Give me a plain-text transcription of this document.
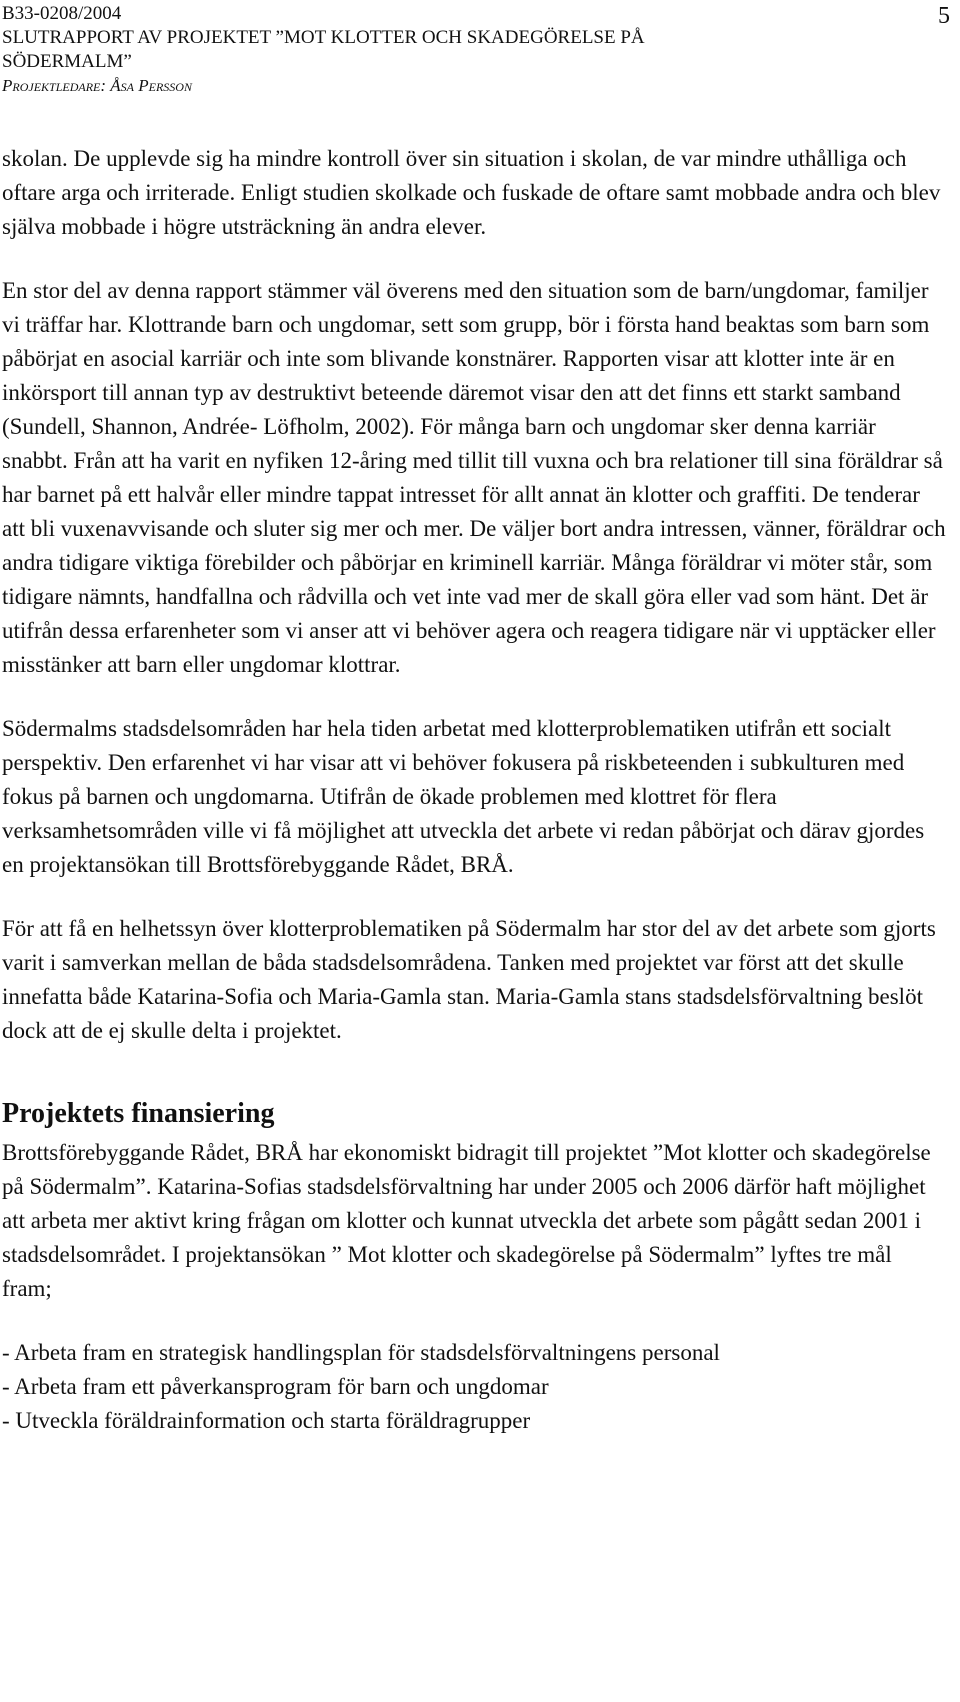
B33-0208/2004
SLUTRAPPORT AV PROJEKTET ”MOT KLOTTER OCH SKADEGÖRELSE PÅ
SÖDERMALM”
Projektledare: Åsa Persson
5

skolan. De upplevde sig ha mindre kontroll över sin situation i skolan, de var mindre uthålliga och oftare arga och irriterade. Enligt studien skolkade och fuskade de oftare samt mobbade andra och blev själva mobbade i högre utsträckning än andra elever.

En stor del av denna rapport stämmer väl överens med den situation som de barn/ungdomar, familjer vi träffar har. Klottrande barn och ungdomar, sett som grupp, bör i första hand beaktas som barn som påbörjat en asocial karriär och inte som blivande konstnärer. Rapporten visar att klotter inte är en inkörsport till annan typ av destruktivt beteende däremot visar den att det finns ett starkt samband (Sundell, Shannon, Andrée- Löfholm, 2002). För många barn och ungdomar sker denna karriär snabbt. Från att ha varit en nyfiken 12-åring med tillit till vuxna och bra relationer till sina föräldrar så har barnet på ett halvår eller mindre tappat intresset för allt annat än klotter och graffiti. De tenderar att bli vuxenavvisande och sluter sig mer och mer. De väljer bort andra intressen, vänner, föräldrar och andra tidigare viktiga förebilder och påbörjar en kriminell karriär. Många föräldrar vi möter står, som tidigare nämnts, handfallna och rådvilla och vet inte vad mer de skall göra eller vad som hänt. Det är utifrån dessa erfarenheter som vi anser att vi behöver agera och reagera tidigare när vi upptäcker eller misstänker att barn eller ungdomar klottrar.

Södermalms stadsdelsområden har hela tiden arbetat med klotterproblematiken utifrån ett socialt perspektiv. Den erfarenhet vi har visar att vi behöver fokusera på riskbeteenden i subkulturen med fokus på barnen och ungdomarna. Utifrån de ökade problemen med klottret för flera verksamhetsområden ville vi få möjlighet att utveckla det arbete vi redan påbörjat och därav gjordes en projektansökan till Brottsförebyggande Rådet, BRÅ.

För att få en helhetssyn över klotterproblematiken på Södermalm har stor del av det arbete som gjorts varit i samverkan mellan de båda stadsdelsområdena. Tanken med projektet var först att det skulle innefatta både Katarina-Sofia och Maria-Gamla stan. Maria-Gamla stans stadsdelsförvaltning beslöt dock att de ej skulle delta i projektet.

Projektets finansiering

Brottsförebyggande Rådet, BRÅ har ekonomiskt bidragit till projektet ”Mot klotter och skadegörelse på Södermalm”. Katarina-Sofias stadsdelsförvaltning har under 2005 och 2006 därför haft möjlighet att arbeta mer aktivt kring frågan om klotter och kunnat utveckla det arbete som pågått sedan 2001 i stadsdelsområdet. I projektansökan ” Mot klotter och skadegörelse på Södermalm” lyftes tre mål fram;

- Arbeta fram en strategisk handlingsplan för stadsdelsförvaltningens personal
- Arbeta fram ett påverkansprogram för barn och ungdomar
- Utveckla föräldrainformation och starta föräldragrupper
